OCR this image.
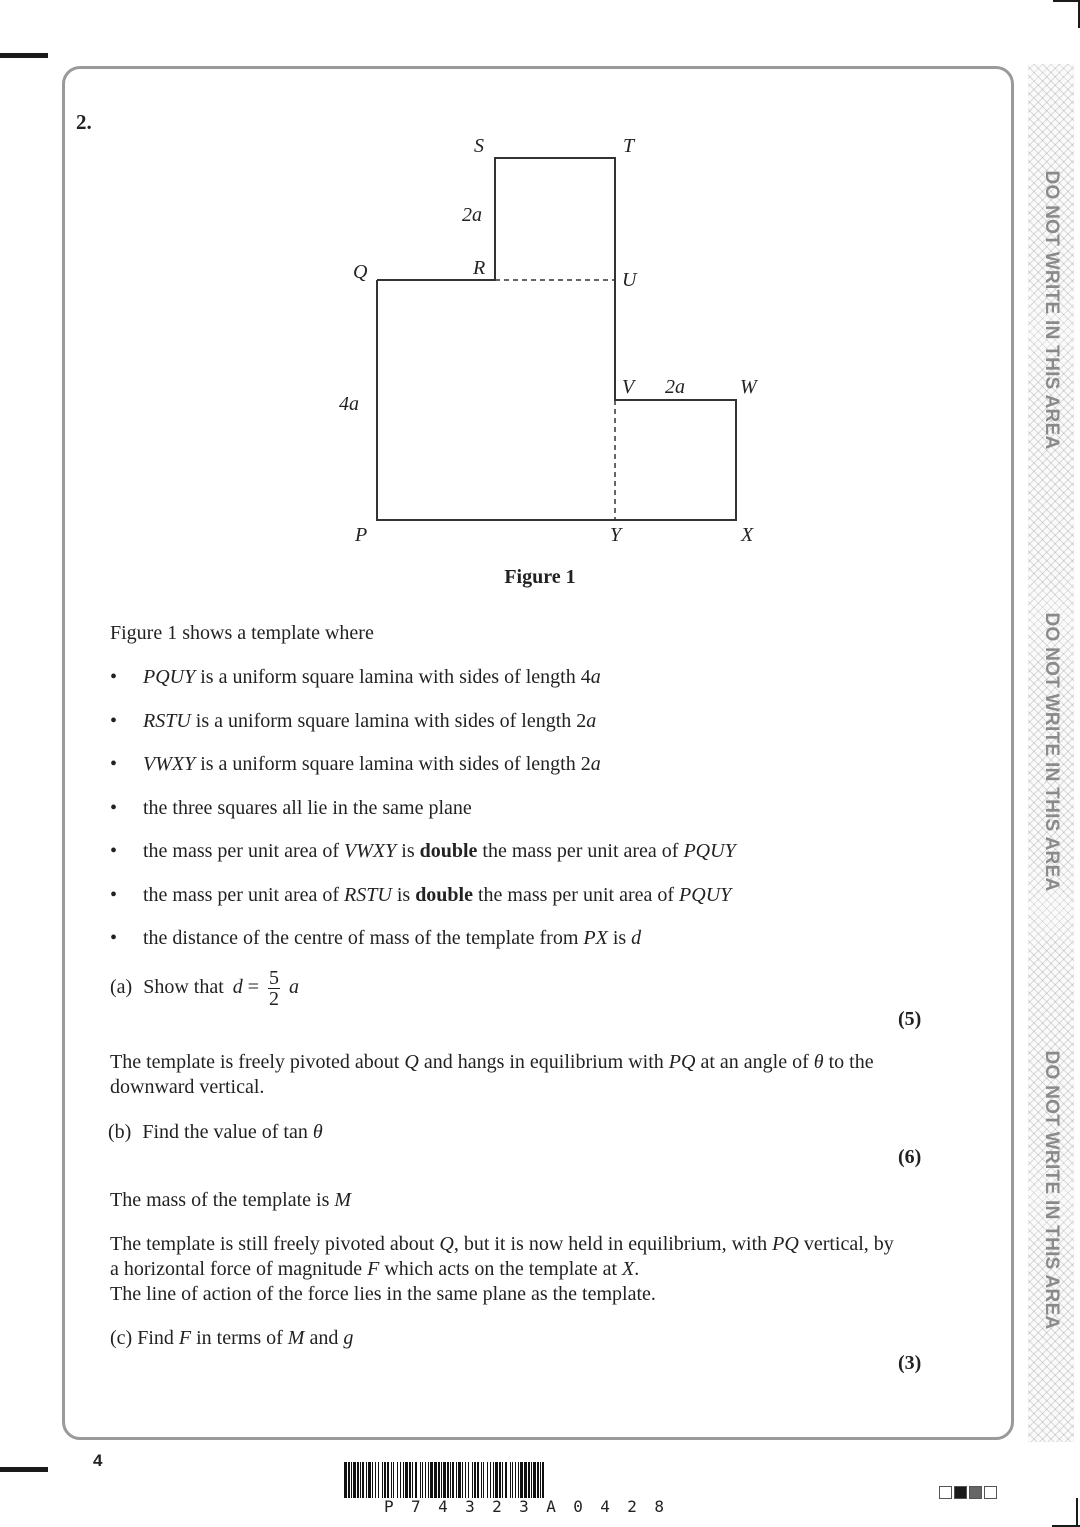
DO NOT WRITE IN THIS AREA
DO NOT WRITE IN THIS AREA
DO NOT WRITE IN THIS AREA
2.
S	T
2a
Q	R
U
V 2a	W
4a
P	Y	X
Figure 1
Figure 1 shows a template where
• PQUY is a uniform square lamina with sides of length 4a
• RSTU is a uniform square lamina with sides of length 2a
• VWXY is a uniform square lamina with sides of length 2a
• the three squares all lie in the same plane
• the mass per unit area of VWXY is double the mass per unit area of PQUY
• the mass per unit area of RSTU is double the mass per unit area of PQUY
• the distance of the centre of mass of the template from PX is d
(a) Show that $d = \frac{5}{2}$ a
(5)
The template is freely pivoted about Q and hangs in equilibrium with PQ at an angle of θ to the downward vertical.
(b) Find the value of tan θ
(6)
The mass of the template is M
The template is still freely pivoted about Q, but it is now held in equilibrium, with PQ vertical, by a horizontal force of magnitude F which acts on the template at X.
The line of action of the force lies in the same plane as the template.
(c) Find F in terms of M and g
(3)
4
P74323A0428
